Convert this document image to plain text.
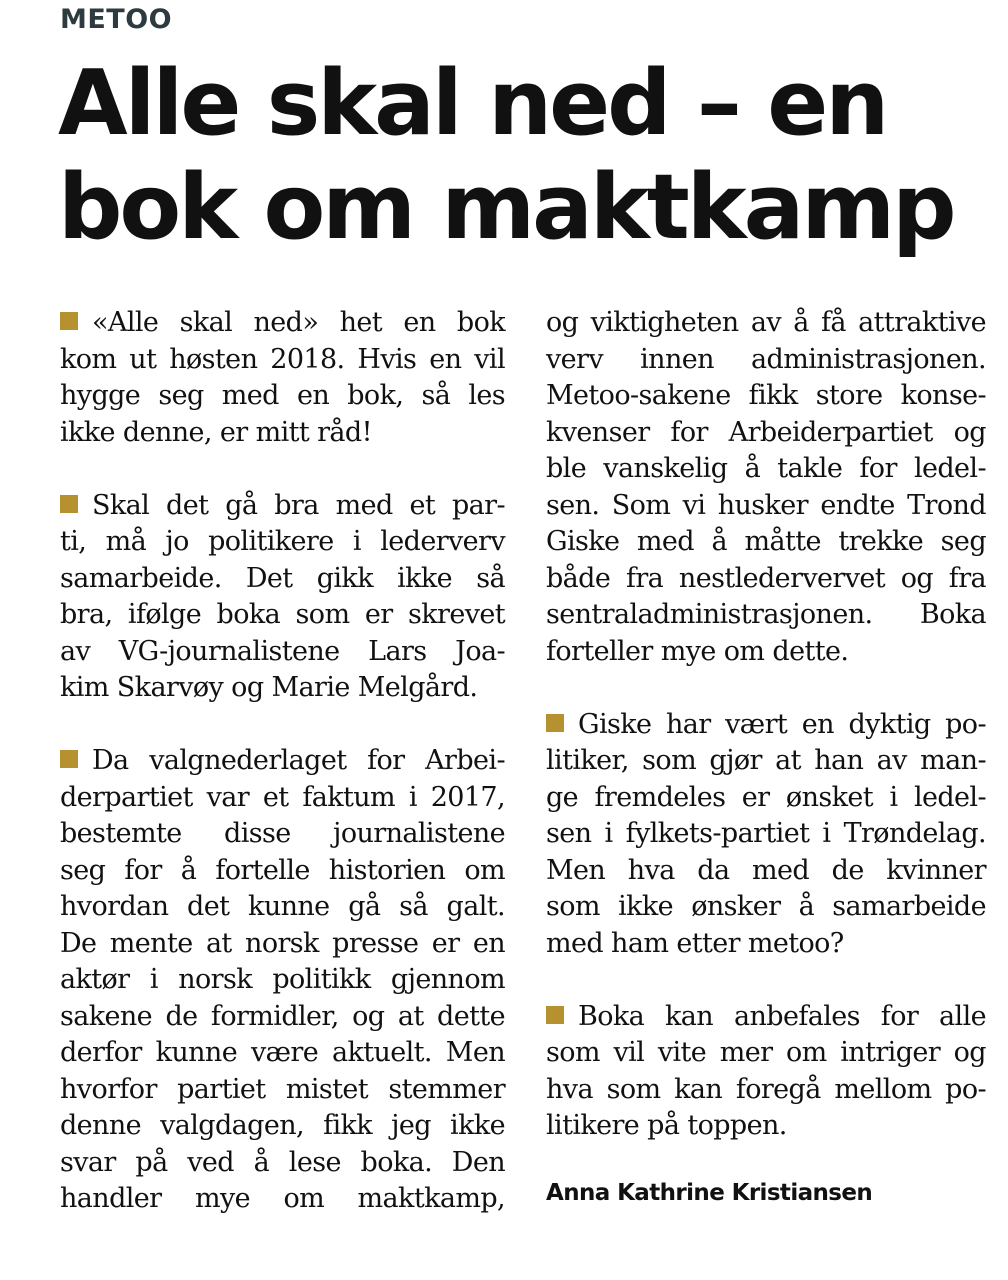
METOO
Alle skal ned – en
bok om maktkamp
«Alle skal ned» het en bok
kom ut høsten 2018. Hvis en vil
hygge seg med en bok, så les
ikke denne, er mitt råd!
Skal det gå bra med et par-
ti, må jo politikere i lederverv
samarbeide. Det gikk ikke så
bra, ifølge boka som er skrevet
av VG-journalistene Lars Joa-
kim Skarvøy og Marie Melgård.
Da valgnederlaget for Arbei-
derpartiet var et faktum i 2017,
bestemte disse journalistene
seg for å fortelle historien om
hvordan det kunne gå så galt.
De mente at norsk presse er en
aktør i norsk politikk gjennom
sakene de formidler, og at dette
derfor kunne være aktuelt. Men
hvorfor partiet mistet stemmer
denne valgdagen, fikk jeg ikke
svar på ved å lese boka. Den
handler mye om maktkamp,
og viktigheten av å få attraktive
verv innen administrasjonen.
Metoo-sakene fikk store konse-
kvenser for Arbeiderpartiet og
ble vanskelig å takle for ledel-
sen. Som vi husker endte Trond
Giske med å måtte trekke seg
både fra nestledervervet og fra
sentraladministrasjonen. Boka
forteller mye om dette.
Giske har vært en dyktig po-
litiker, som gjør at han av man-
ge fremdeles er ønsket i ledel-
sen i fylkets-partiet i Trøndelag.
Men hva da med de kvinner
som ikke ønsker å samarbeide
med ham etter metoo?
Boka kan anbefales for alle
som vil vite mer om intriger og
hva som kan foregå mellom po-
litikere på toppen.
Anna Kathrine Kristiansen
